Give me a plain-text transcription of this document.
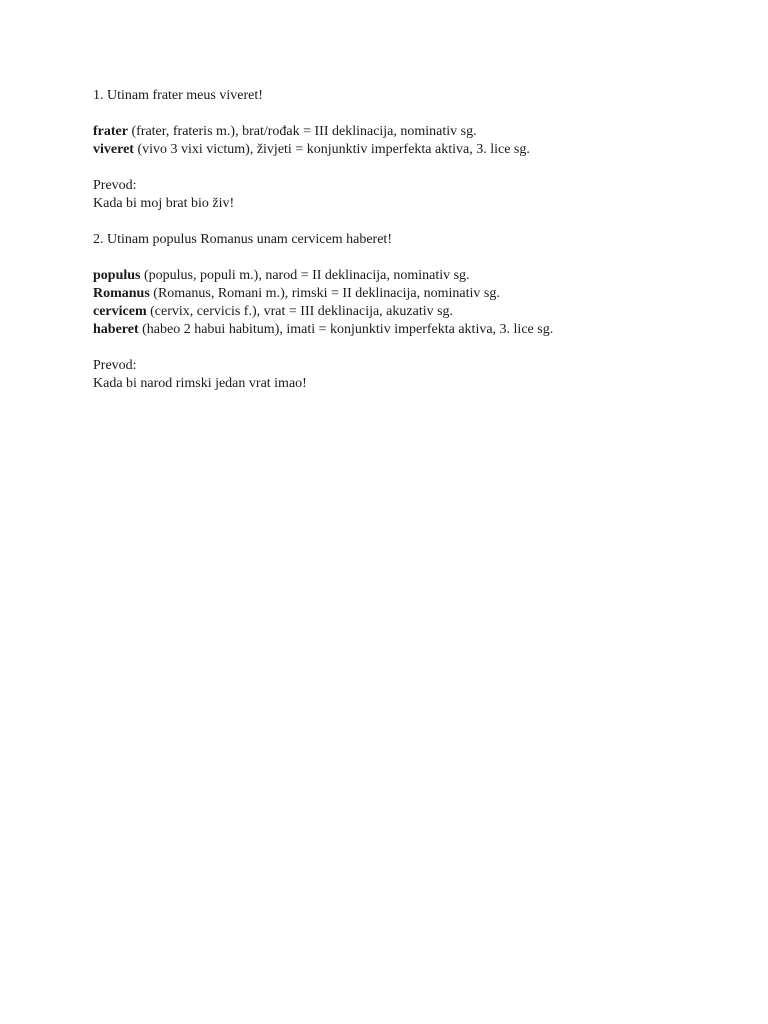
1. Utinam frater meus viveret!
frater (frater, frateris m.), brat/rođak = III deklinacija, nominativ sg.
viveret (vivo 3 vixi victum), živjeti = konjunktiv imperfekta aktiva, 3. lice sg.
Prevod:
Kada bi moj brat bio živ!
2. Utinam populus Romanus unam cervicem haberet!
populus (populus, populi m.), narod = II deklinacija, nominativ sg.
Romanus (Romanus, Romani m.), rimski = II deklinacija, nominativ sg.
cervicem (cervix, cervicis f.), vrat = III deklinacija, akuzativ sg.
haberet (habeo 2 habui habitum), imati = konjunktiv imperfekta aktiva, 3. lice sg.
Prevod:
Kada bi narod rimski jedan vrat imao!
